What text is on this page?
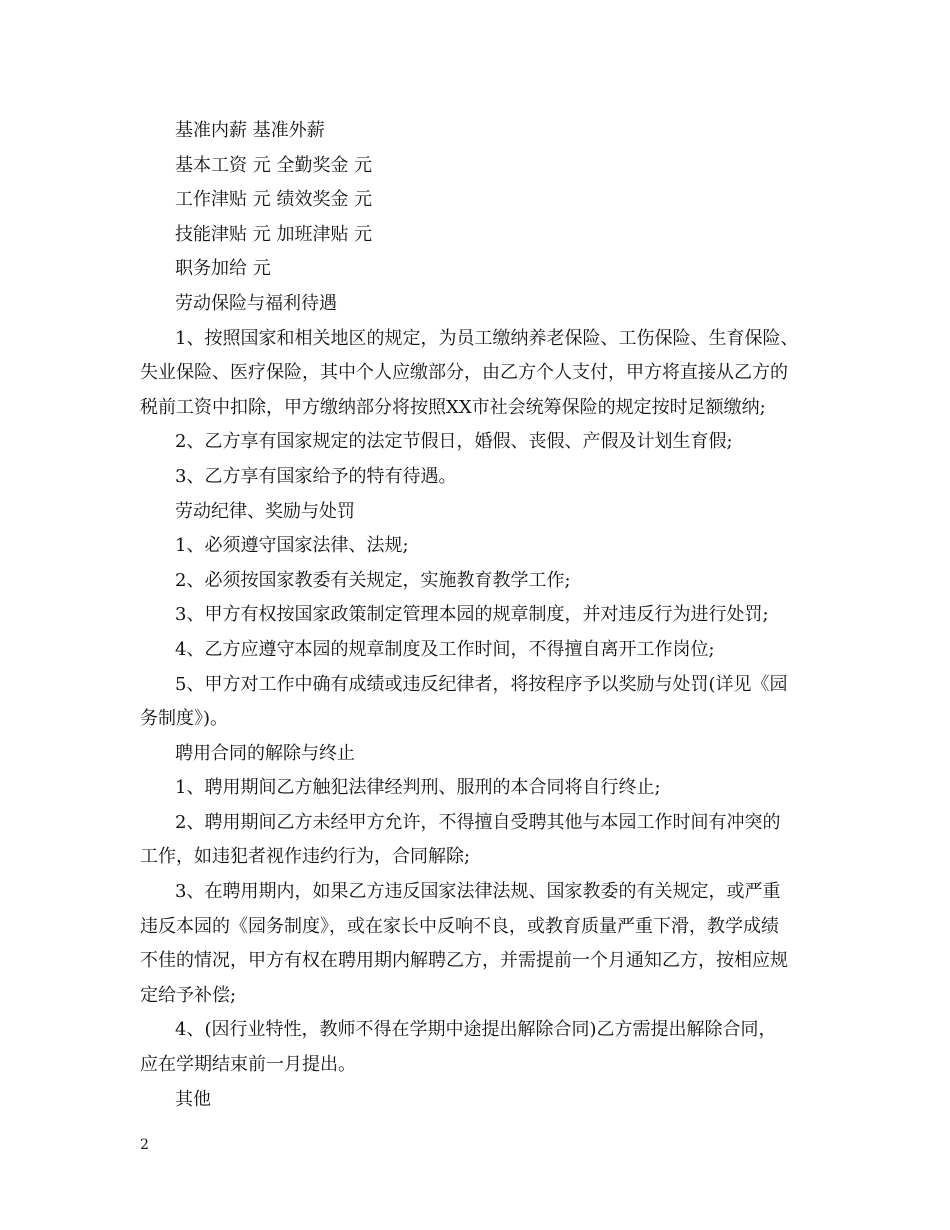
基准内薪 基准外薪
基本工资 元 全勤奖金 元
工作津贴 元 绩效奖金 元
技能津贴 元 加班津贴 元
职务加给 元
劳动保险与福利待遇
1、按照国家和相关地区的规定，为员工缴纳养老保险、工伤保险、生育保险、
失业保险、医疗保险，其中个人应缴部分，由乙方个人支付，甲方将直接从乙方的
税前工资中扣除，甲方缴纳部分将按照XX市社会统筹保险的规定按时足额缴纳;
2、乙方享有国家规定的法定节假日，婚假、丧假、产假及计划生育假;
3、乙方享有国家给予的特有待遇。
劳动纪律、奖励与处罚
1、必须遵守国家法律、法规;
2、必须按国家教委有关规定，实施教育教学工作;
3、甲方有权按国家政策制定管理本园的规章制度，并对违反行为进行处罚;
4、乙方应遵守本园的规章制度及工作时间，不得擅自离开工作岗位;
5、甲方对工作中确有成绩或违反纪律者，将按程序予以奖励与处罚(详见《园
务制度》)。
聘用合同的解除与终止
1、聘用期间乙方触犯法律经判刑、服刑的本合同将自行终止;
2、聘用期间乙方未经甲方允许，不得擅自受聘其他与本园工作时间有冲突的
工作，如违犯者视作违约行为，合同解除;
3、在聘用期内，如果乙方违反国家法律法规、国家教委的有关规定，或严重
违反本园的《园务制度》，或在家长中反响不良，或教育质量严重下滑，教学成绩
不佳的情况，甲方有权在聘用期内解聘乙方，并需提前一个月通知乙方，按相应规
定给予补偿;
4、(因行业特性，教师不得在学期中途提出解除合同)乙方需提出解除合同，
应在学期结束前一月提出。
其他
2
